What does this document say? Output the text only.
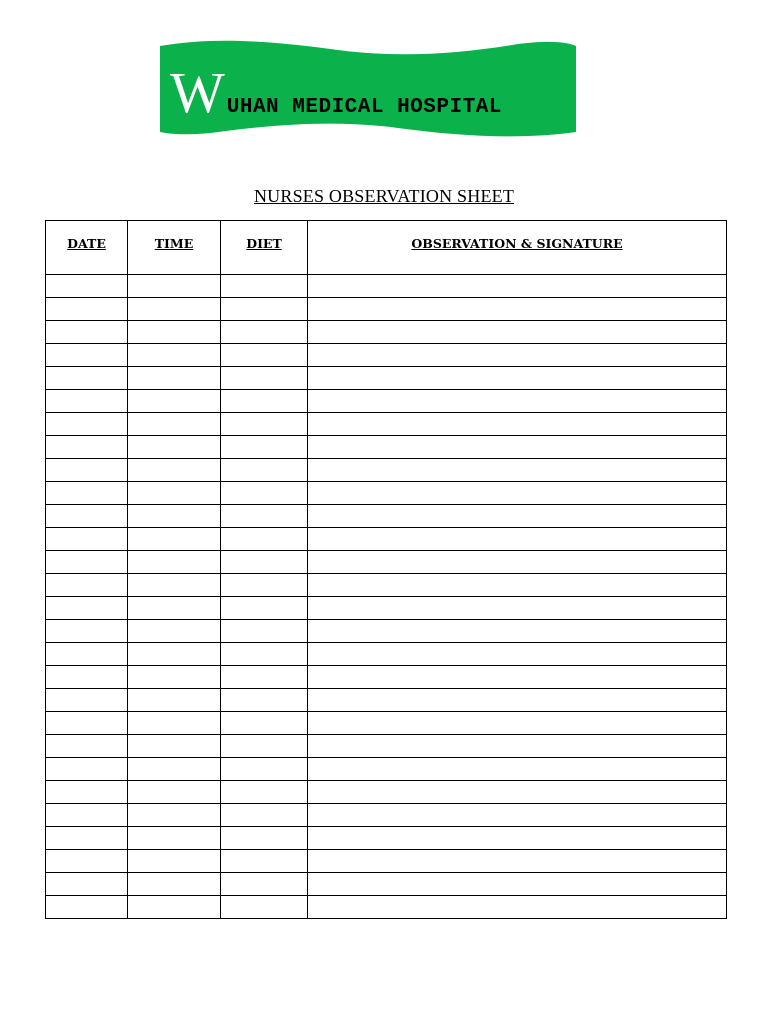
W UHAN MEDICAL HOSPITAL
NURSES OBSERVATION SHEET
DATE	TIME	DIET	OBSERVATION & SIGNATURE
